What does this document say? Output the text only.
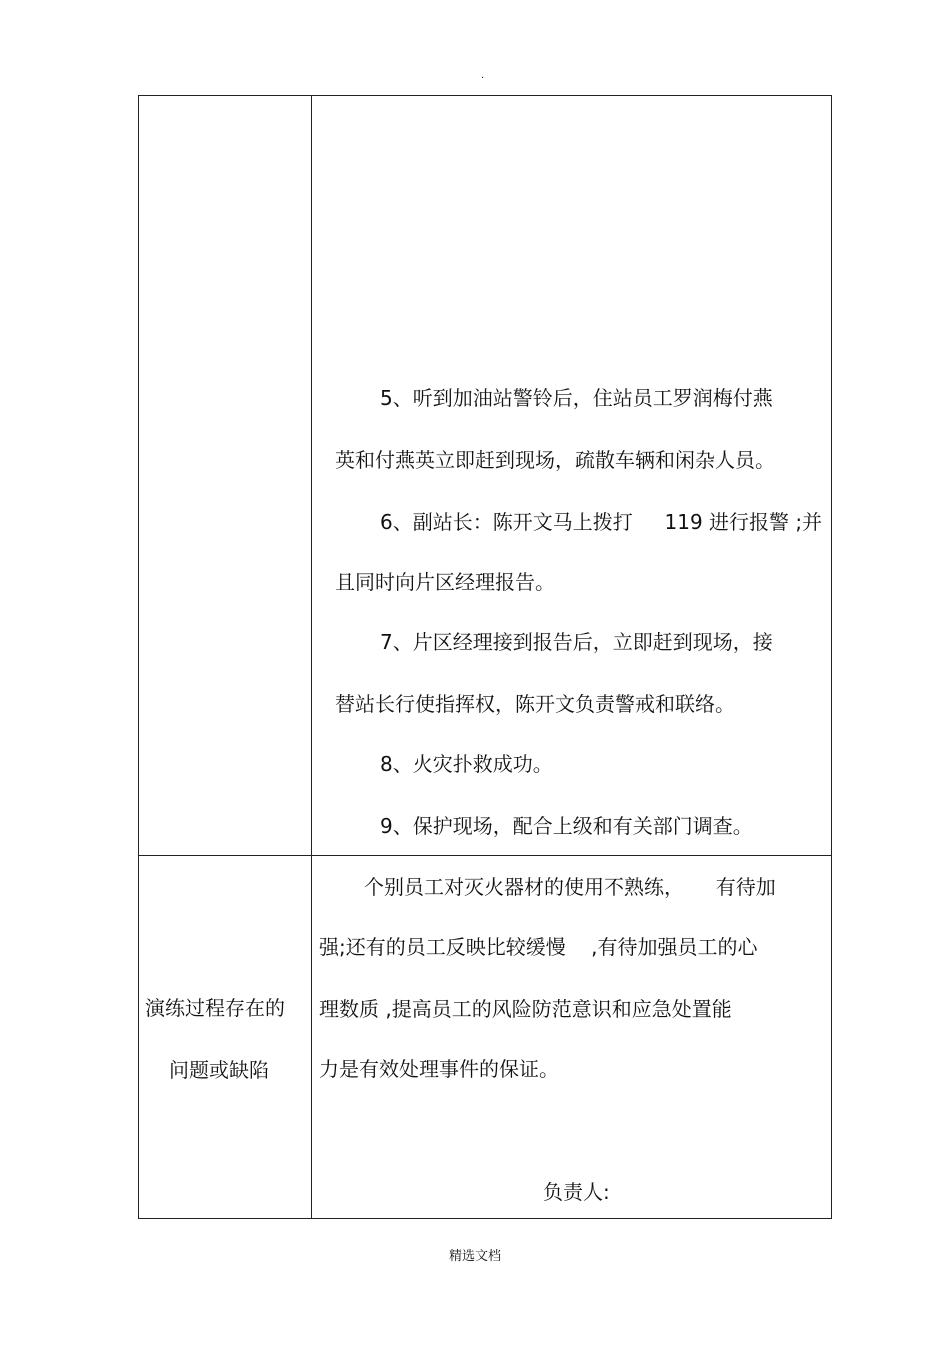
.
5、听到加油站警铃后，住站员工罗润梅付燕
英和付燕英立即赶到现场，疏散车辆和闲杂人员。
6、副站长：陈开文马上拨打     119 进行报警 ;并
且同时向片区经理报告。
7、片区经理接到报告后，立即赶到现场，接
替站长行使指挥权，陈开文负责警戒和联络。
8、火灾扑救成功。
9、保护现场，配合上级和有关部门调查。
演练过程存在的
问题或缺陷
个别员工对灭火器材的使用不熟练，     有待加
强;还有的员工反映比较缓慢    ,有待加强员工的心
理数质 ,提高员工的风险防范意识和应急处置能
力是有效处理事件的保证。
负责人:
精选文档
